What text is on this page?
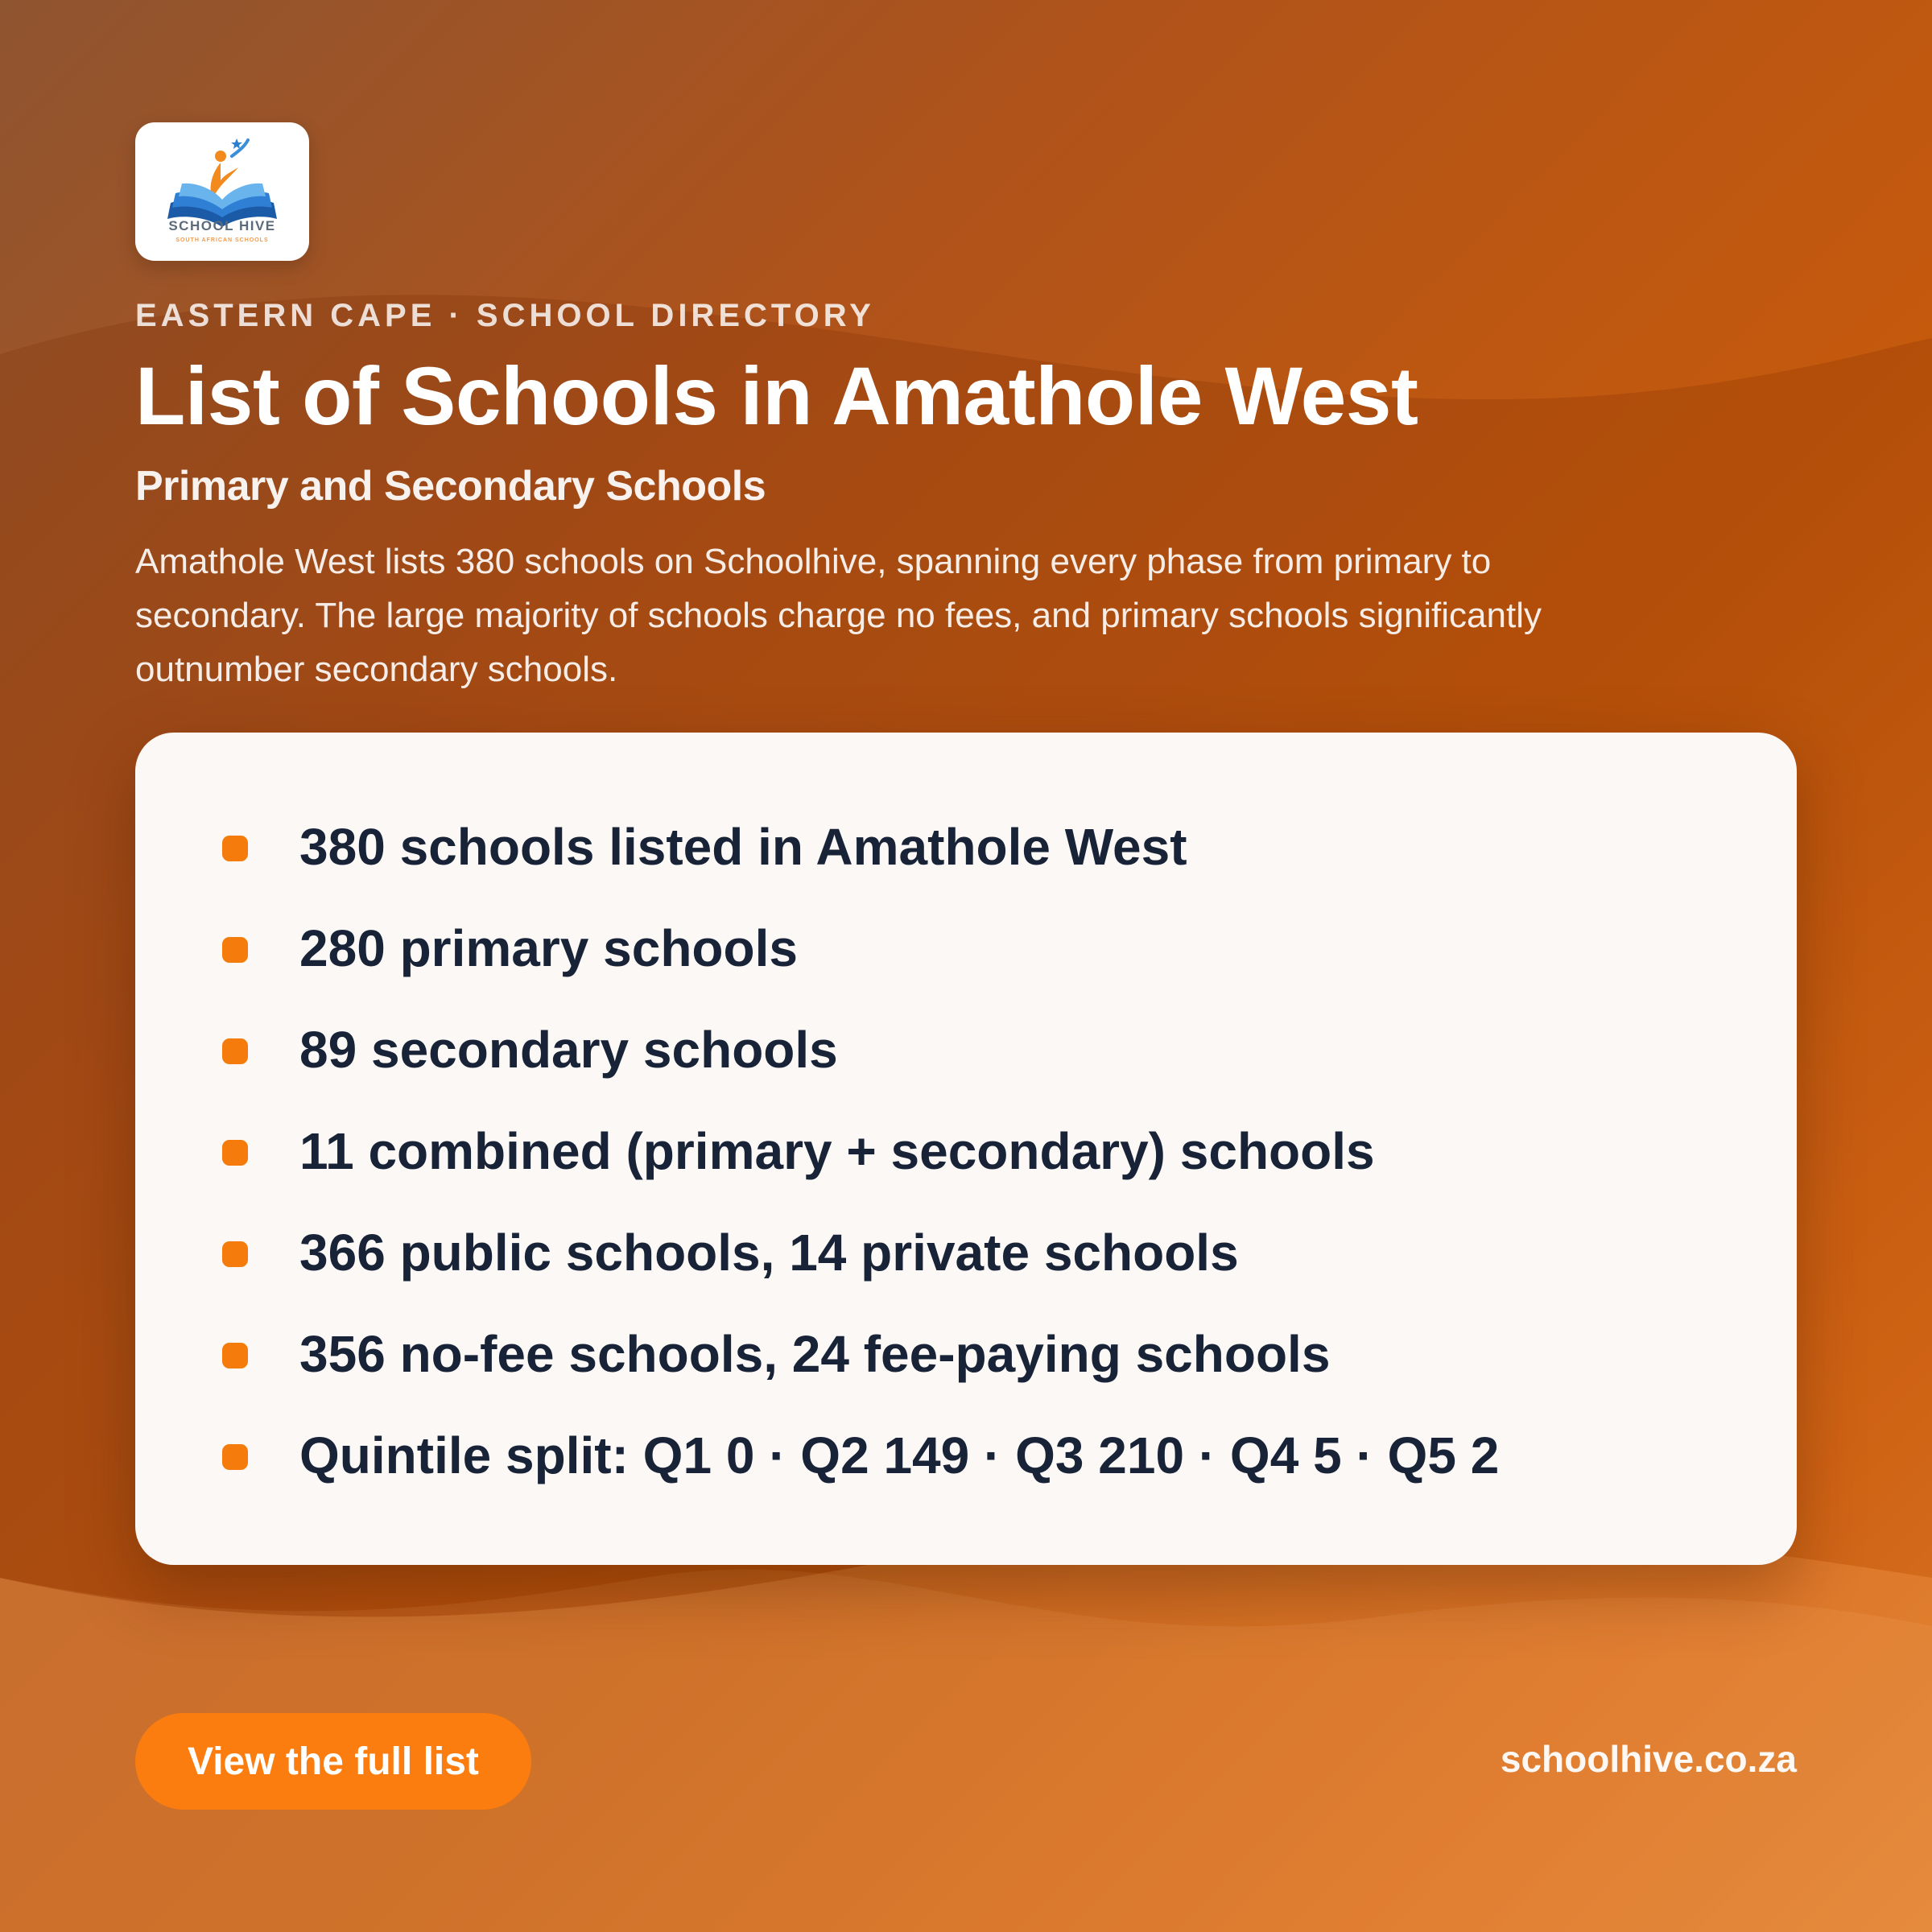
SCHOOL HIVE
SOUTH AFRICAN SCHOOLS
EASTERN CAPE · SCHOOL DIRECTORY
List of Schools in Amathole West
Primary and Secondary Schools

Amathole West lists 380 schools on Schoolhive, spanning every phase from primary to secondary. The large majority of schools charge no fees, and primary schools significantly outnumber secondary schools.

380 schools listed in Amathole West
280 primary schools
89 secondary schools
11 combined (primary + secondary) schools
366 public schools, 14 private schools
356 no-fee schools, 24 fee-paying schools
Quintile split: Q1 0 · Q2 149 · Q3 210 · Q4 5 · Q5 2
View the full list	schoolhive.co.za
